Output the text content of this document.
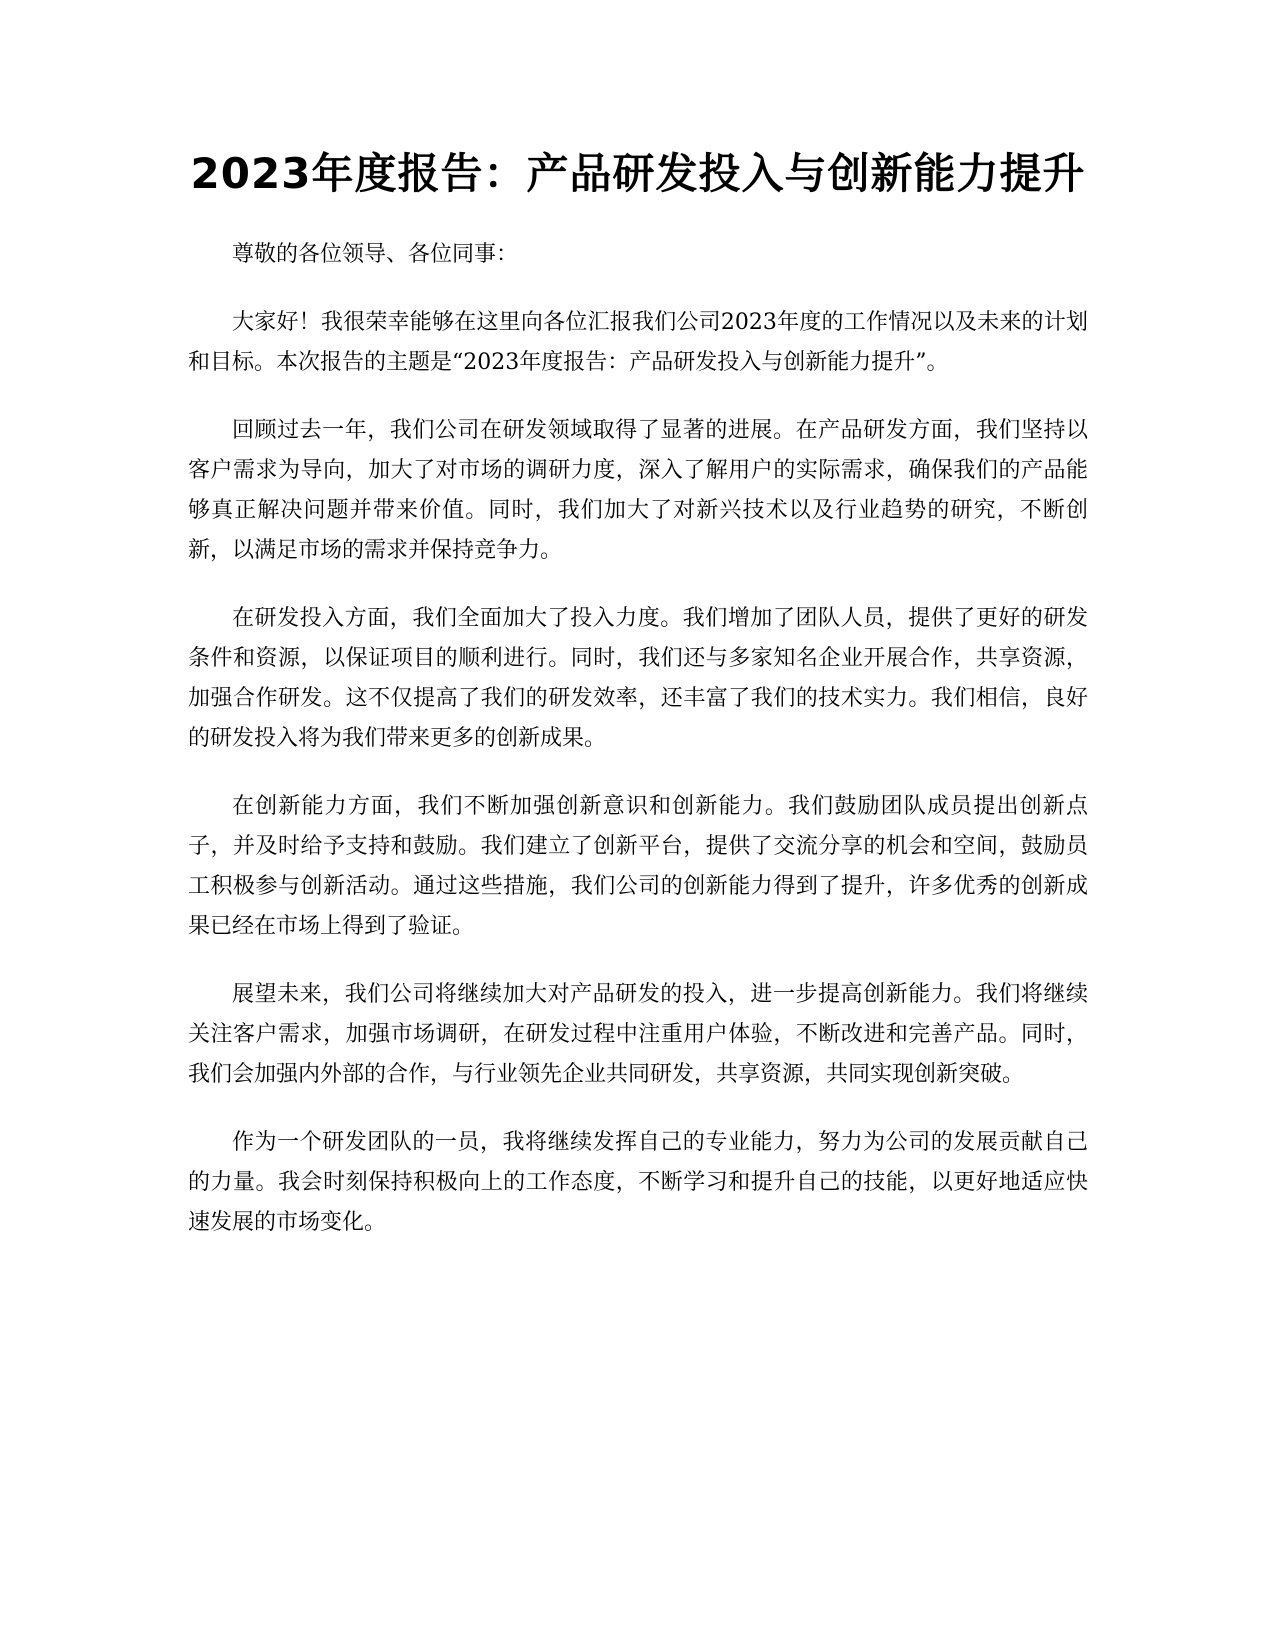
2023年度报告：产品研发投入与创新能力提升

尊敬的各位领导、各位同事：

大家好！我很荣幸能够在这里向各位汇报我们公司2023年度的工作情况以及未来的计划和目标。本次报告的主题是“2023年度报告：产品研发投入与创新能力提升”。

回顾过去一年，我们公司在研发领域取得了显著的进展。在产品研发方面，我们坚持以客户需求为导向，加大了对市场的调研力度，深入了解用户的实际需求，确保我们的产品能够真正解决问题并带来价值。同时，我们加大了对新兴技术以及行业趋势的研究，不断创新，以满足市场的需求并保持竞争力。

在研发投入方面，我们全面加大了投入力度。我们增加了团队人员，提供了更好的研发条件和资源，以保证项目的顺利进行。同时，我们还与多家知名企业开展合作，共享资源，加强合作研发。这不仅提高了我们的研发效率，还丰富了我们的技术实力。我们相信，良好的研发投入将为我们带来更多的创新成果。

在创新能力方面，我们不断加强创新意识和创新能力。我们鼓励团队成员提出创新点子，并及时给予支持和鼓励。我们建立了创新平台，提供了交流分享的机会和空间，鼓励员工积极参与创新活动。通过这些措施，我们公司的创新能力得到了提升，许多优秀的创新成果已经在市场上得到了验证。

展望未来，我们公司将继续加大对产品研发的投入，进一步提高创新能力。我们将继续关注客户需求，加强市场调研，在研发过程中注重用户体验，不断改进和完善产品。同时，我们会加强内外部的合作，与行业领先企业共同研发，共享资源，共同实现创新突破。

作为一个研发团队的一员，我将继续发挥自己的专业能力，努力为公司的发展贡献自己的力量。我会时刻保持积极向上的工作态度，不断学习和提升自己的技能，以更好地适应快速发展的市场变化。
